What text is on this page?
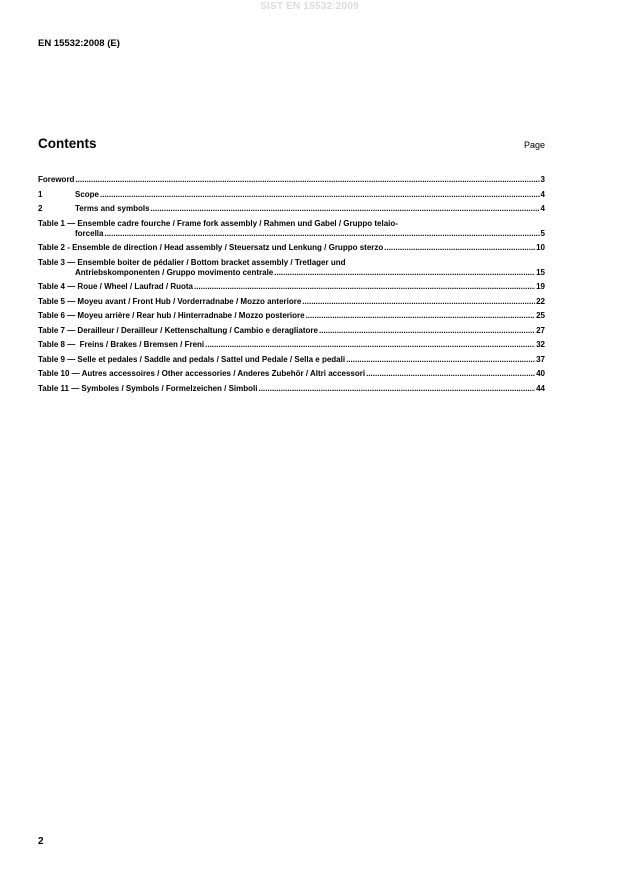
SIST EN 15532:2009
EN 15532:2008 (E)
Contents	Page
Foreword .....	3
1	Scope .....	4
2	Terms and symbols .....	4
Table 1 — Ensemble cadre fourche / Frame fork assembly / Rahmen und Gabel / Gruppo telaio-
forcella .....	5
Table 2 - Ensemble de direction / Head assembly / Steuersatz und Lenkung / Gruppo sterzo .....	10
Table 3 — Ensemble boiter de pédalier / Bottom bracket assembly / Tretlager und
Antriebskomponenten / Gruppo movimento centrale .....	15
Table 4 — Roue / Wheel / Laufrad / Ruota .....	19
Table 5 — Moyeu avant / Front Hub / Vorderradnabe / Mozzo anteriore .....	22
Table 6 — Moyeu arrière / Rear hub / Hinterradnabe / Mozzo posteriore .....	25
Table 7 — Derailleur / Derailleur / Kettenschaltung / Cambio e deragliatore .....	27
Table 8 —  Freins / Brakes / Bremsen / Freni .....	32
Table 9 — Selle et pedales / Saddle and pedals / Sattel und Pedale / Sella e pedali .....	37
Table 10 — Autres accessoires / Other accessories / Anderes Zubehör / Altri accessori .....	40
Table 11 — Symboles / Symbols / Formelzeichen / Simboli .....	44
2
